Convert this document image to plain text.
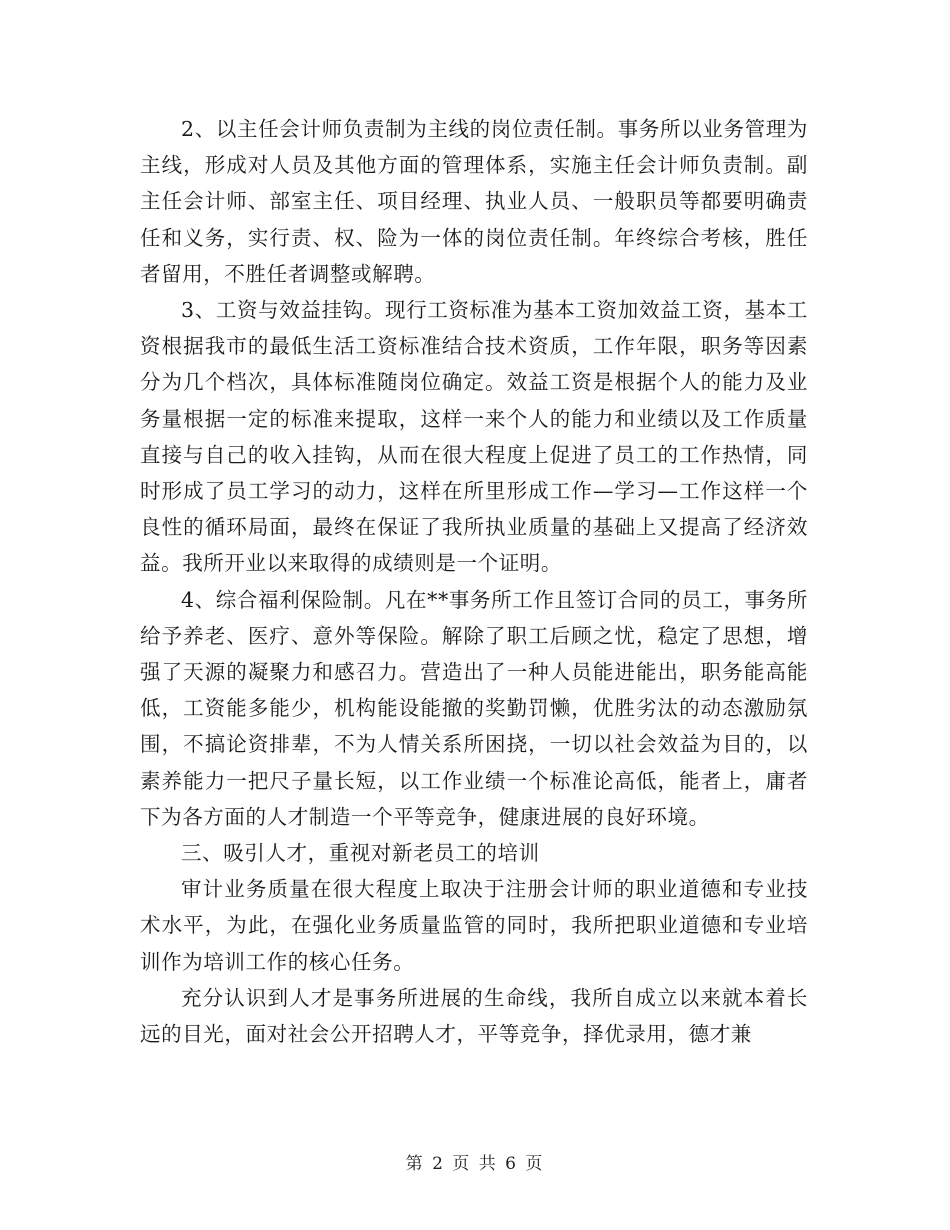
2、以主任会计师负责制为主线的岗位责任制。事务所以业务管理为主线，形成对人员及其他方面的管理体系，实施主任会计师负责制。副主任会计师、部室主任、项目经理、执业人员、一般职员等都要明确责任和义务，实行责、权、险为一体的岗位责任制。年终综合考核，胜任者留用，不胜任者调整或解聘。

3、工资与效益挂钩。现行工资标准为基本工资加效益工资，基本工资根据我市的最低生活工资标准结合技术资质，工作年限，职务等因素分为几个档次，具体标准随岗位确定。效益工资是根据个人的能力及业务量根据一定的标准来提取，这样一来个人的能力和业绩以及工作质量直接与自己的收入挂钩，从而在很大程度上促进了员工的工作热情，同时形成了员工学习的动力，这样在所里形成工作—学习—工作这样一个良性的循环局面，最终在保证了我所执业质量的基础上又提高了经济效益。我所开业以来取得的成绩则是一个证明。

4、综合福利保险制。凡在**事务所工作且签订合同的员工，事务所给予养老、医疗、意外等保险。解除了职工后顾之忧，稳定了思想，增强了天源的凝聚力和感召力。营造出了一种人员能进能出，职务能高能低，工资能多能少，机构能设能撤的奖勤罚懒，优胜劣汰的动态激励氛围，不搞论资排辈，不为人情关系所困挠，一切以社会效益为目的，以素养能力一把尺子量长短，以工作业绩一个标准论高低，能者上，庸者下为各方面的人才制造一个平等竞争，健康进展的良好环境。

三、吸引人才，重视对新老员工的培训

审计业务质量在很大程度上取决于注册会计师的职业道德和专业技术水平，为此，在强化业务质量监管的同时，我所把职业道德和专业培训作为培训工作的核心任务。

充分认识到人才是事务所进展的生命线，我所自成立以来就本着长远的目光，面对社会公开招聘人才，平等竞争，择优录用，德才兼

第 2 页 共 6 页
